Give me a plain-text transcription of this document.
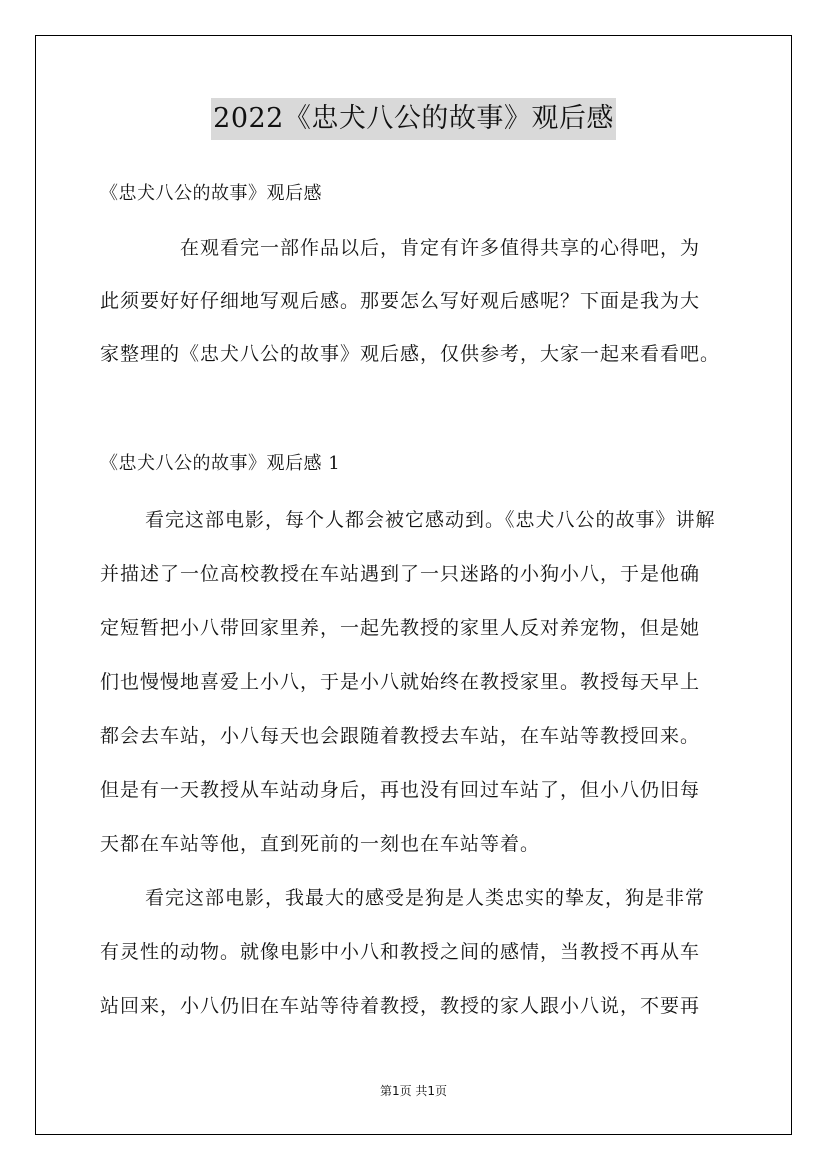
2022《忠犬八公的故事》观后感
《忠犬八公的故事》观后感
在观看完一部作品以后，肯定有许多值得共享的心得吧，为
此须要好好仔细地写观后感。那要怎么写好观后感呢？下面是我为大
家整理的《忠犬八公的故事》观后感，仅供参考，大家一起来看看吧。
《忠犬八公的故事》观后感 1
看完这部电影，每个人都会被它感动到。《忠犬八公的故事》讲解
并描述了一位高校教授在车站遇到了一只迷路的小狗小八，于是他确
定短暂把小八带回家里养，一起先教授的家里人反对养宠物，但是她
们也慢慢地喜爱上小八，于是小八就始终在教授家里。教授每天早上
都会去车站，小八每天也会跟随着教授去车站，在车站等教授回来。
但是有一天教授从车站动身后，再也没有回过车站了，但小八仍旧每
天都在车站等他，直到死前的一刻也在车站等着。
看完这部电影，我最大的感受是狗是人类忠实的挚友，狗是非常
有灵性的动物。就像电影中小八和教授之间的感情，当教授不再从车
站回来，小八仍旧在车站等待着教授，教授的家人跟小八说，不要再
第1页 共1页
